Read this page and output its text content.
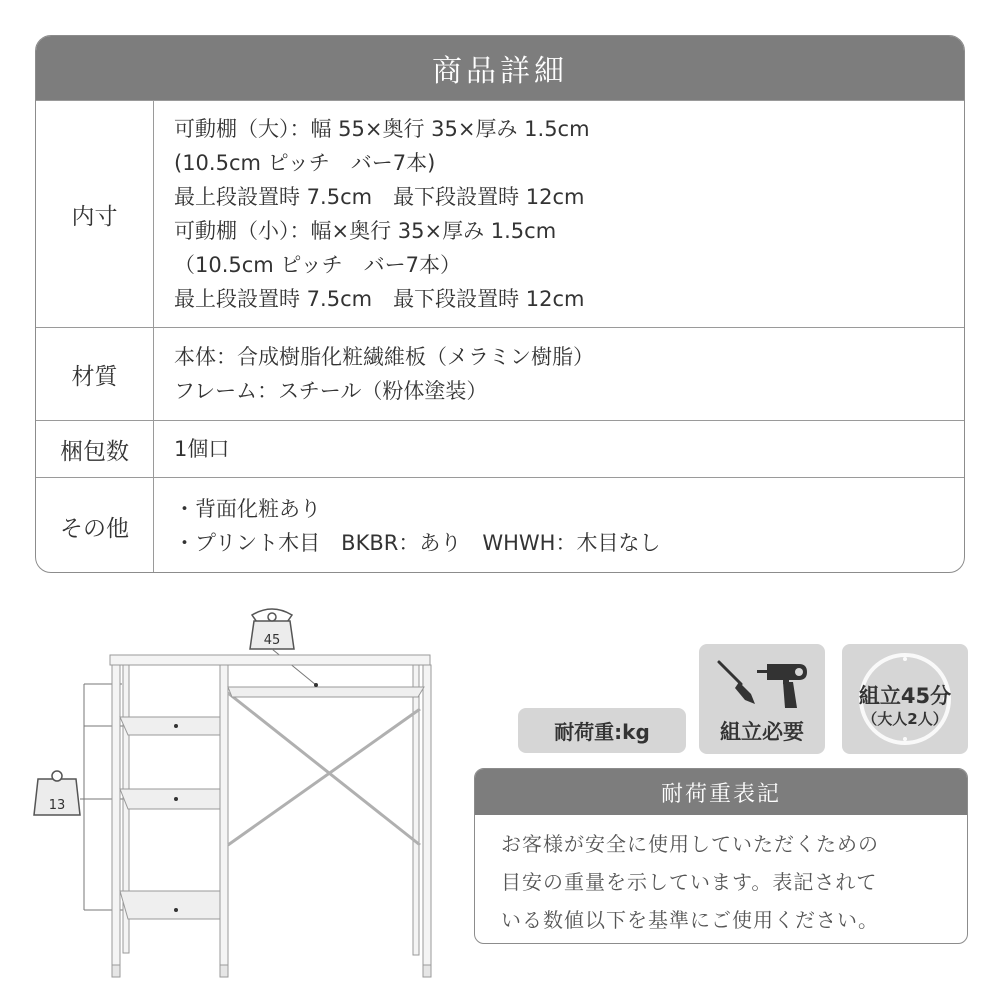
商品詳細
内寸
可動棚（大）：幅 55×奥行 35×厚み 1.5cm
(10.5cm ピッチ　バー7本)
最上段設置時 7.5cm　最下段設置時 12cm
可動棚（小）：幅×奥行 35×厚み 1.5cm
（10.5cm ピッチ　バー7本）
最上段設置時 7.5cm　最下段設置時 12cm
材質
本体：合成樹脂化粧繊維板（メラミン樹脂）
フレーム：スチール（粉体塗装）
梱包数	1個口
その他
・背面化粧あり
・プリント木目　BKBR：あり　WHWH：木目なし
45
13
耐荷重:kg	組立必要
組立45分
（大人2人）
耐荷重表記
お客様が安全に使用していただくための
目安の重量を示しています。表記されて
いる数値以下を基準にご使用ください。
